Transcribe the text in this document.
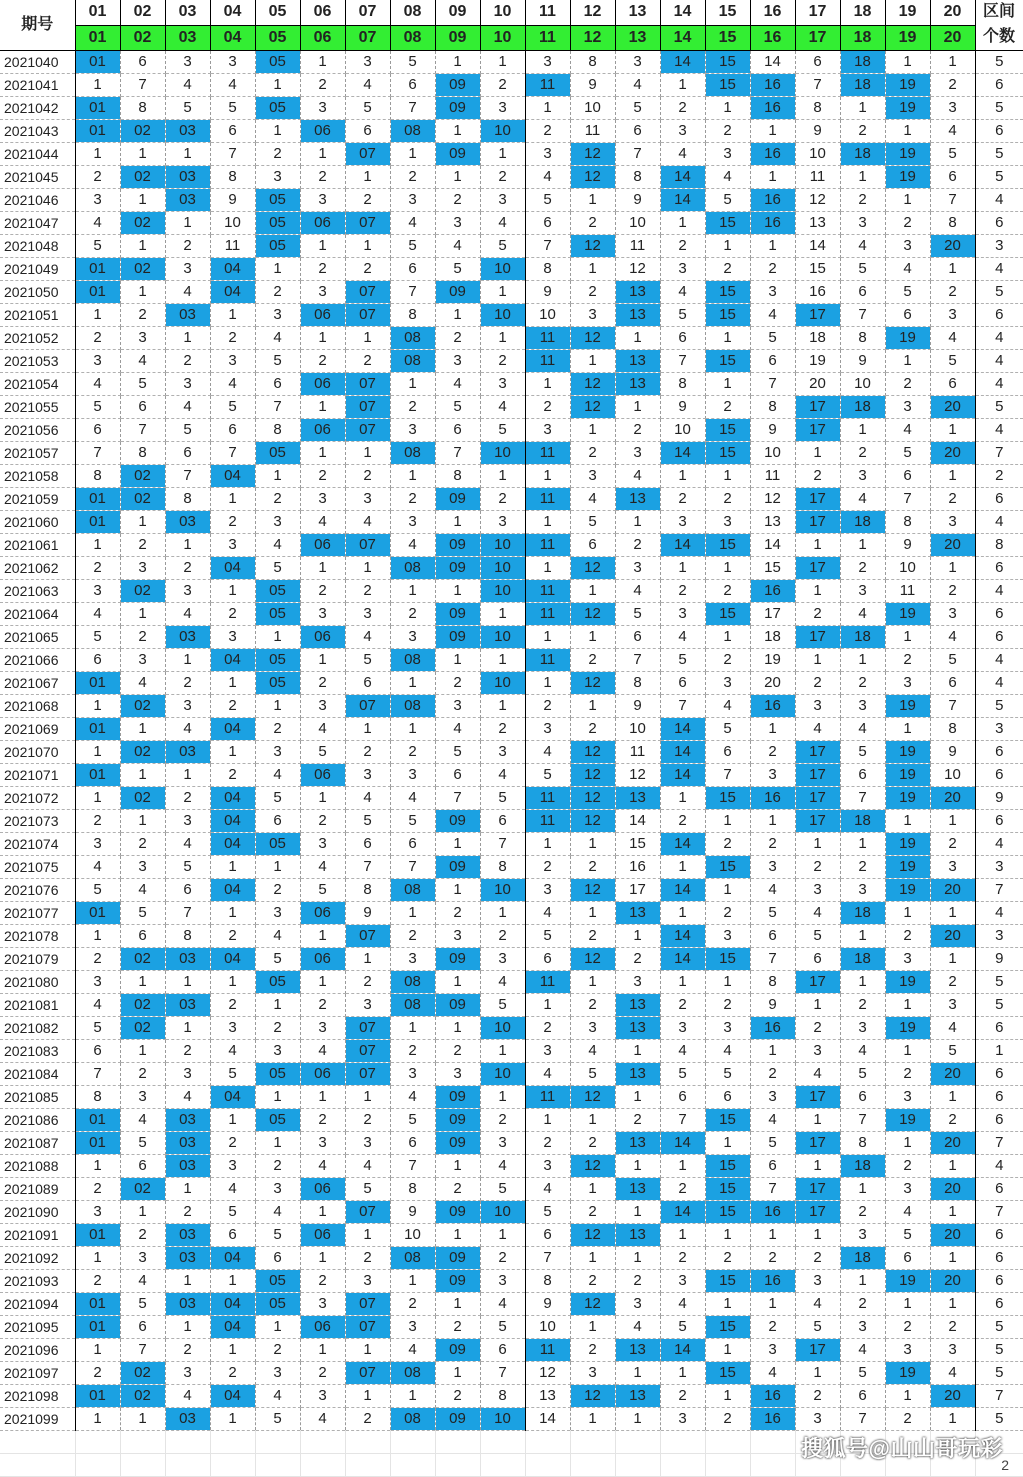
期号	01	02	03	04	05	06	07	08	09	10	11	12	13	14	15	16	17	18	19	20	区间个数
	01	02	03	04	05	06	07	08	09	10	11	12	13	14	15	16	17	18	19	20	
2021040	01	6	3	3	05	1	3	5	1	1	3	8	3	14	15	14	6	18	1	1	5
2021041	1	7	4	4	1	2	4	6	09	2	11	9	4	1	15	16	7	18	19	2	6
2021042	01	8	5	5	05	3	5	7	09	3	1	10	5	2	1	16	8	1	19	3	5
2021043	01	02	03	6	1	06	6	08	1	10	2	11	6	3	2	1	9	2	1	4	6
2021044	1	1	1	7	2	1	07	1	09	1	3	12	7	4	3	16	10	18	19	5	5
2021045	2	02	03	8	3	2	1	2	1	2	4	12	8	14	4	1	11	1	19	6	5
2021046	3	1	03	9	05	3	2	3	2	3	5	1	9	14	5	16	12	2	1	7	4
2021047	4	02	1	10	05	06	07	4	3	4	6	2	10	1	15	16	13	3	2	8	6
2021048	5	1	2	11	05	1	1	5	4	5	7	12	11	2	1	1	14	4	3	20	3
2021049	01	02	3	04	1	2	2	6	5	10	8	1	12	3	2	2	15	5	4	1	4
2021050	01	1	4	04	2	3	07	7	09	1	9	2	13	4	15	3	16	6	5	2	5
2021051	1	2	03	1	3	06	07	8	1	10	10	3	13	5	15	4	17	7	6	3	6
2021052	2	3	1	2	4	1	1	08	2	1	11	12	1	6	1	5	18	8	19	4	4
2021053	3	4	2	3	5	2	2	08	3	2	11	1	13	7	15	6	19	9	1	5	4
2021054	4	5	3	4	6	06	07	1	4	3	1	12	13	8	1	7	20	10	2	6	4
2021055	5	6	4	5	7	1	07	2	5	4	2	12	1	9	2	8	17	18	3	20	5
2021056	6	7	5	6	8	06	07	3	6	5	3	1	2	10	15	9	17	1	4	1	4
2021057	7	8	6	7	05	1	1	08	7	10	11	2	3	14	15	10	1	2	5	20	7
2021058	8	02	7	04	1	2	2	1	8	1	1	3	4	1	1	11	2	3	6	1	2
2021059	01	02	8	1	2	3	3	2	09	2	11	4	13	2	2	12	17	4	7	2	6
2021060	01	1	03	2	3	4	4	3	1	3	1	5	1	3	3	13	17	18	8	3	4
2021061	1	2	1	3	4	06	07	4	09	10	11	6	2	14	15	14	1	1	9	20	8
2021062	2	3	2	04	5	1	1	08	09	10	1	12	3	1	1	15	17	2	10	1	6
2021063	3	02	3	1	05	2	2	1	1	10	11	1	4	2	2	16	1	3	11	2	4
2021064	4	1	4	2	05	3	3	2	09	1	11	12	5	3	15	17	2	4	19	3	6
2021065	5	2	03	3	1	06	4	3	09	10	1	1	6	4	1	18	17	18	1	4	6
2021066	6	3	1	04	05	1	5	08	1	1	11	2	7	5	2	19	1	1	2	5	4
2021067	01	4	2	1	05	2	6	1	2	10	1	12	8	6	3	20	2	2	3	6	4
2021068	1	02	3	2	1	3	07	08	3	1	2	1	9	7	4	16	3	3	19	7	5
2021069	01	1	4	04	2	4	1	1	4	2	3	2	10	14	5	1	4	4	1	8	3
2021070	1	02	03	1	3	5	2	2	5	3	4	12	11	14	6	2	17	5	19	9	6
2021071	01	1	1	2	4	06	3	3	6	4	5	12	12	14	7	3	17	6	19	10	6
2021072	1	02	2	04	5	1	4	4	7	5	11	12	13	1	15	16	17	7	19	20	9
2021073	2	1	3	04	6	2	5	5	09	6	11	12	14	2	1	1	17	18	1	1	6
2021074	3	2	4	04	05	3	6	6	1	7	1	1	15	14	2	2	1	1	19	2	4
2021075	4	3	5	1	1	4	7	7	09	8	2	2	16	1	15	3	2	2	19	3	3
2021076	5	4	6	04	2	5	8	08	1	10	3	12	17	14	1	4	3	3	19	20	7
2021077	01	5	7	1	3	06	9	1	2	1	4	1	13	1	2	5	4	18	1	1	4
2021078	1	6	8	2	4	1	07	2	3	2	5	2	1	14	3	6	5	1	2	20	3
2021079	2	02	03	04	5	06	1	3	09	3	6	12	2	14	15	7	6	18	3	1	9
2021080	3	1	1	1	05	1	2	08	1	4	11	1	3	1	1	8	17	1	19	2	5
2021081	4	02	03	2	1	2	3	08	09	5	1	2	13	2	2	9	1	2	1	3	5
2021082	5	02	1	3	2	3	07	1	1	10	2	3	13	3	3	16	2	3	19	4	6
2021083	6	1	2	4	3	4	07	2	2	1	3	4	1	4	4	1	3	4	1	5	1
2021084	7	2	3	5	05	06	07	3	3	10	4	5	13	5	5	2	4	5	2	20	6
2021085	8	3	4	04	1	1	1	4	09	1	11	12	1	6	6	3	17	6	3	1	6
2021086	01	4	03	1	05	2	2	5	09	2	1	1	2	7	15	4	1	7	19	2	6
2021087	01	5	03	2	1	3	3	6	09	3	2	2	13	14	1	5	17	8	1	20	7
2021088	1	6	03	3	2	4	4	7	1	4	3	12	1	1	15	6	1	18	2	1	4
2021089	2	02	1	4	3	06	5	8	2	5	4	1	13	2	15	7	17	1	3	20	6
2021090	3	1	2	5	4	1	07	9	09	10	5	2	1	14	15	16	17	2	4	1	7
2021091	01	2	03	6	5	06	1	10	1	1	6	12	13	1	1	1	1	3	5	20	6
2021092	1	3	03	04	6	1	2	08	09	2	7	1	1	2	2	2	2	18	6	1	6
2021093	2	4	1	1	05	2	3	1	09	3	8	2	2	3	15	16	3	1	19	20	6
2021094	01	5	03	04	05	3	07	2	1	4	9	12	3	4	1	1	4	2	1	1	6
2021095	01	6	1	04	1	06	07	3	2	5	10	1	4	5	15	2	5	3	2	2	5
2021096	1	7	2	1	2	1	1	4	09	6	11	2	13	14	1	3	17	4	3	3	5
2021097	2	02	3	2	3	2	07	08	1	7	12	3	1	1	15	4	1	5	19	4	5
2021098	01	02	4	04	4	3	1	1	2	8	13	12	13	2	1	16	2	6	1	20	7
2021099	1	1	03	1	5	4	2	08	09	10	14	1	1	3	2	16	3	7	2	1	5

搜狐号@山山哥玩彩
2
